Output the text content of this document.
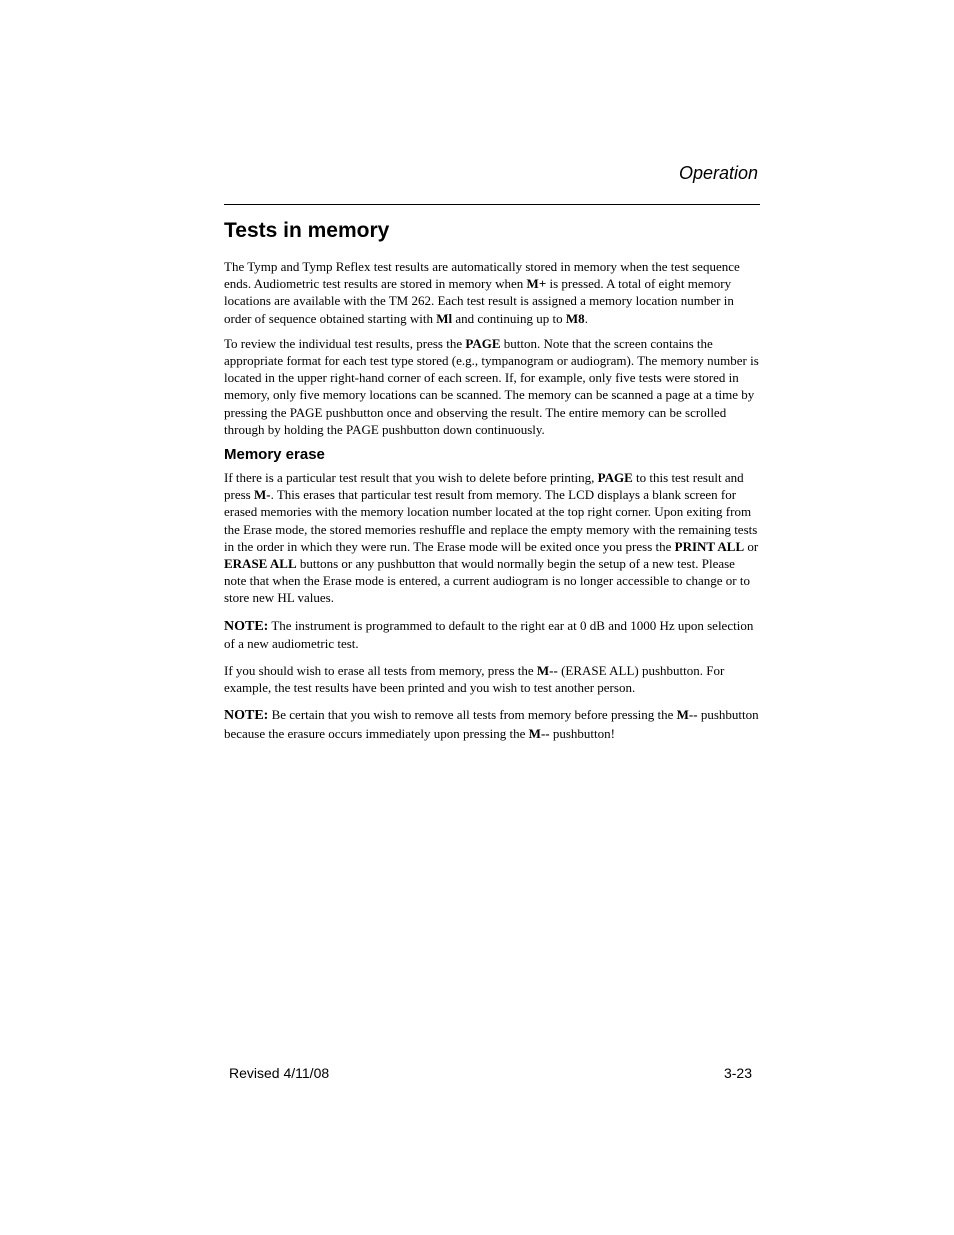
Operation
Tests in memory

The Tymp and Tymp Reflex test results are automatically stored in memory when the test sequence ends. Audiometric test results are stored in memory when M+ is pressed. A total of eight memory locations are available with the TM 262. Each test result is assigned a memory location number in order of sequence obtained starting with Ml and continuing up to M8.

To review the individual test results, press the PAGE button. Note that the screen contains the appropriate format for each test type stored (e.g., tympanogram or audiogram). The memory number is located in the upper right-hand corner of each screen. If, for example, only five tests were stored in memory, only five memory locations can be scanned. The memory can be scanned a page at a time by pressing the PAGE pushbutton once and observing the result. The entire memory can be scrolled through by holding the PAGE pushbutton down continuously.

Memory erase

If there is a particular test result that you wish to delete before printing, PAGE to this test result and press M-. This erases that particular test result from memory. The LCD displays a blank screen for erased memories with the memory location number located at the top right corner. Upon exiting from the Erase mode, the stored memories reshuffle and replace the empty memory with the remaining tests in the order in which they were run. The Erase mode will be exited once you press the PRINT ALL or ERASE ALL buttons or any pushbutton that would normally begin the setup of a new test. Please note that when the Erase mode is entered, a current audiogram is no longer accessible to change or to store new HL values.

NOTE: The instrument is programmed to default to the right ear at 0 dB and 1000 Hz upon selection of a new audiometric test.

If you should wish to erase all tests from memory, press the M-- (ERASE ALL) pushbutton. For example, the test results have been printed and you wish to test another person.

NOTE: Be certain that you wish to remove all tests from memory before pressing the M-- pushbutton because the erasure occurs immediately upon pressing the M-- pushbutton!

Revised 4/11/08	3-23
